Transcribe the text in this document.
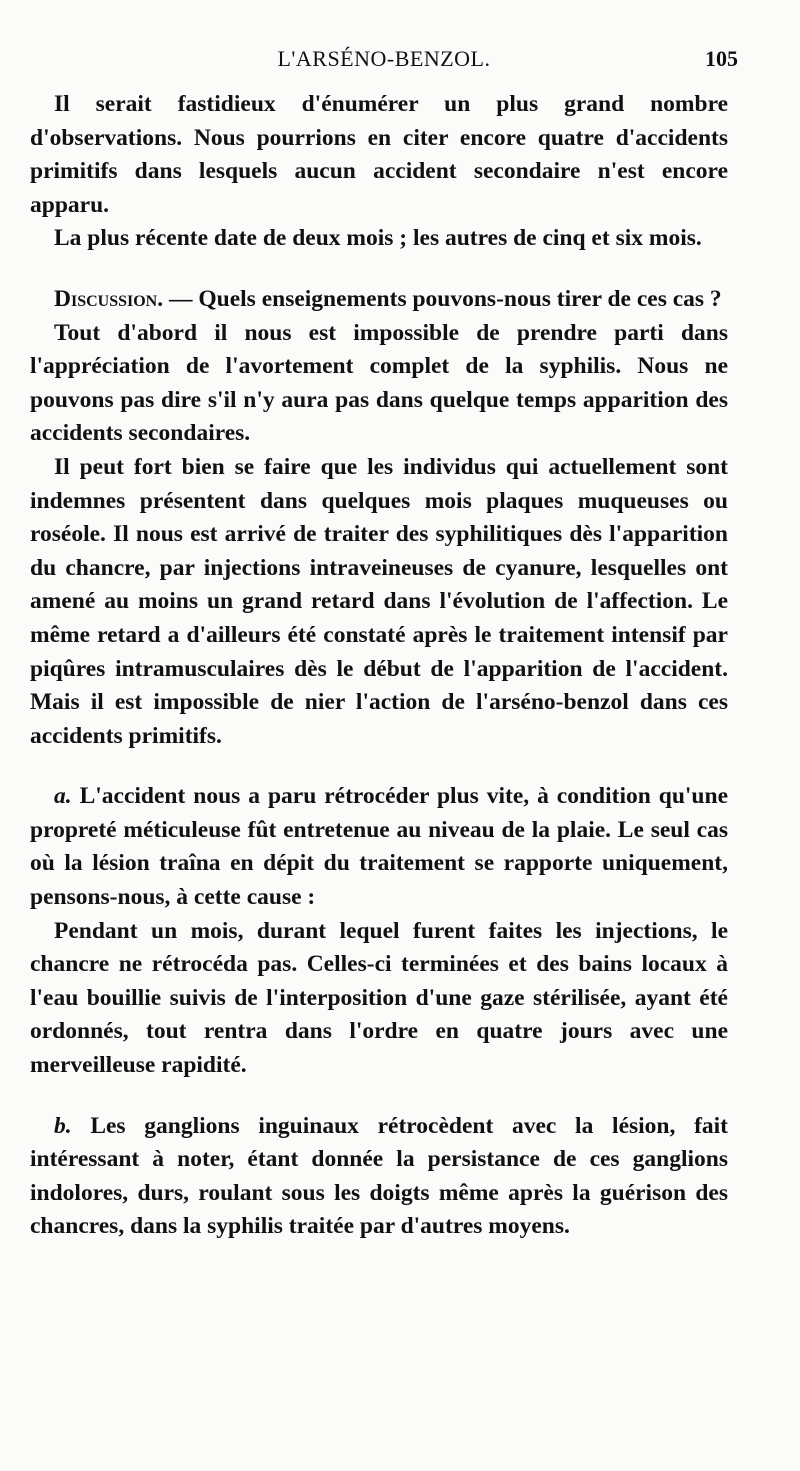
L'ARSÉNO-BENZOL.	105

Il serait fastidieux d'énumérer un plus grand nombre d'observations. Nous pourrions en citer encore quatre d'accidents primitifs dans lesquels aucun accident secondaire n'est encore apparu.

La plus récente date de deux mois ; les autres de cinq et six mois.

Discussion. — Quels enseignements pouvons-nous tirer de ces cas ?

Tout d'abord il nous est impossible de prendre parti dans l'appréciation de l'avortement complet de la syphilis. Nous ne pouvons pas dire s'il n'y aura pas dans quelque temps apparition des accidents secondaires.

Il peut fort bien se faire que les individus qui actuellement sont indemnes présentent dans quelques mois plaques muqueuses ou roséole. Il nous est arrivé de traiter des syphilitiques dès l'apparition du chancre, par injections intraveineuses de cyanure, lesquelles ont amené au moins un grand retard dans l'évolution de l'affection. Le même retard a d'ailleurs été constaté après le traitement intensif par piqûres intramusculaires dès le début de l'apparition de l'accident. Mais il est impossible de nier l'action de l'arséno-benzol dans ces accidents primitifs.

a. L'accident nous a paru rétrocéder plus vite, à condition qu'une propreté méticuleuse fût entretenue au niveau de la plaie. Le seul cas où la lésion traîna en dépit du traitement se rapporte uniquement, pensons-nous, à cette cause :

Pendant un mois, durant lequel furent faites les injections, le chancre ne rétrocéda pas. Celles-ci terminées et des bains locaux à l'eau bouillie suivis de l'interposition d'une gaze stérilisée, ayant été ordonnés, tout rentra dans l'ordre en quatre jours avec une merveilleuse rapidité.

b. Les ganglions inguinaux rétrocèdent avec la lésion, fait intéressant à noter, étant donnée la persistance de ces ganglions indolores, durs, roulant sous les doigts même après la guérison des chancres, dans la syphilis traitée par d'autres moyens.
